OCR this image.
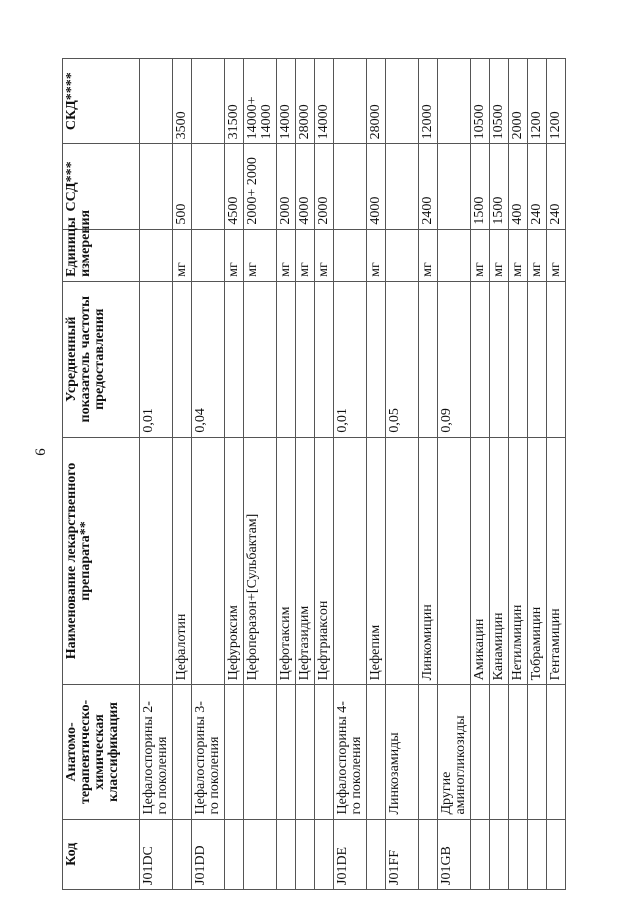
9
Код	Анатомо-терапевтическо-химическая классификация	Наименование лекарственного препарата**	Усредненный показатель частоты предоставления	Единицы измерения	ССД***	СКД****
J01DC	Цефалоспорины 2-го поколения		0,01			
		Цефалотин		мг	500	3500
J01DD	Цефалоспорины 3-го поколения		0,04			
		Цефуроксим		мг	4500	31500
		Цефоперазон+[Сульбактам]		мг	2000+ 2000	14000+ 14000
		Цефотаксим		мг	2000	14000
		Цефтазидим		мг	4000	28000
		Цефтриаксон		мг	2000	14000
J01DE	Цефалоспорины 4-го поколения		0,01			
		Цефепим		мг	4000	28000
J01FF	Линкозамиды		0,05			
		Линкомицин		мг	2400	12000
J01GB	Другие аминогликозиды		0,09			
		Амикацин		мг	1500	10500
		Канамицин		мг	1500	10500
		Нетилмицин		мг	400	2000
		Тобрамицин		мг	240	1200
		Гентамицин		мг	240	1200
